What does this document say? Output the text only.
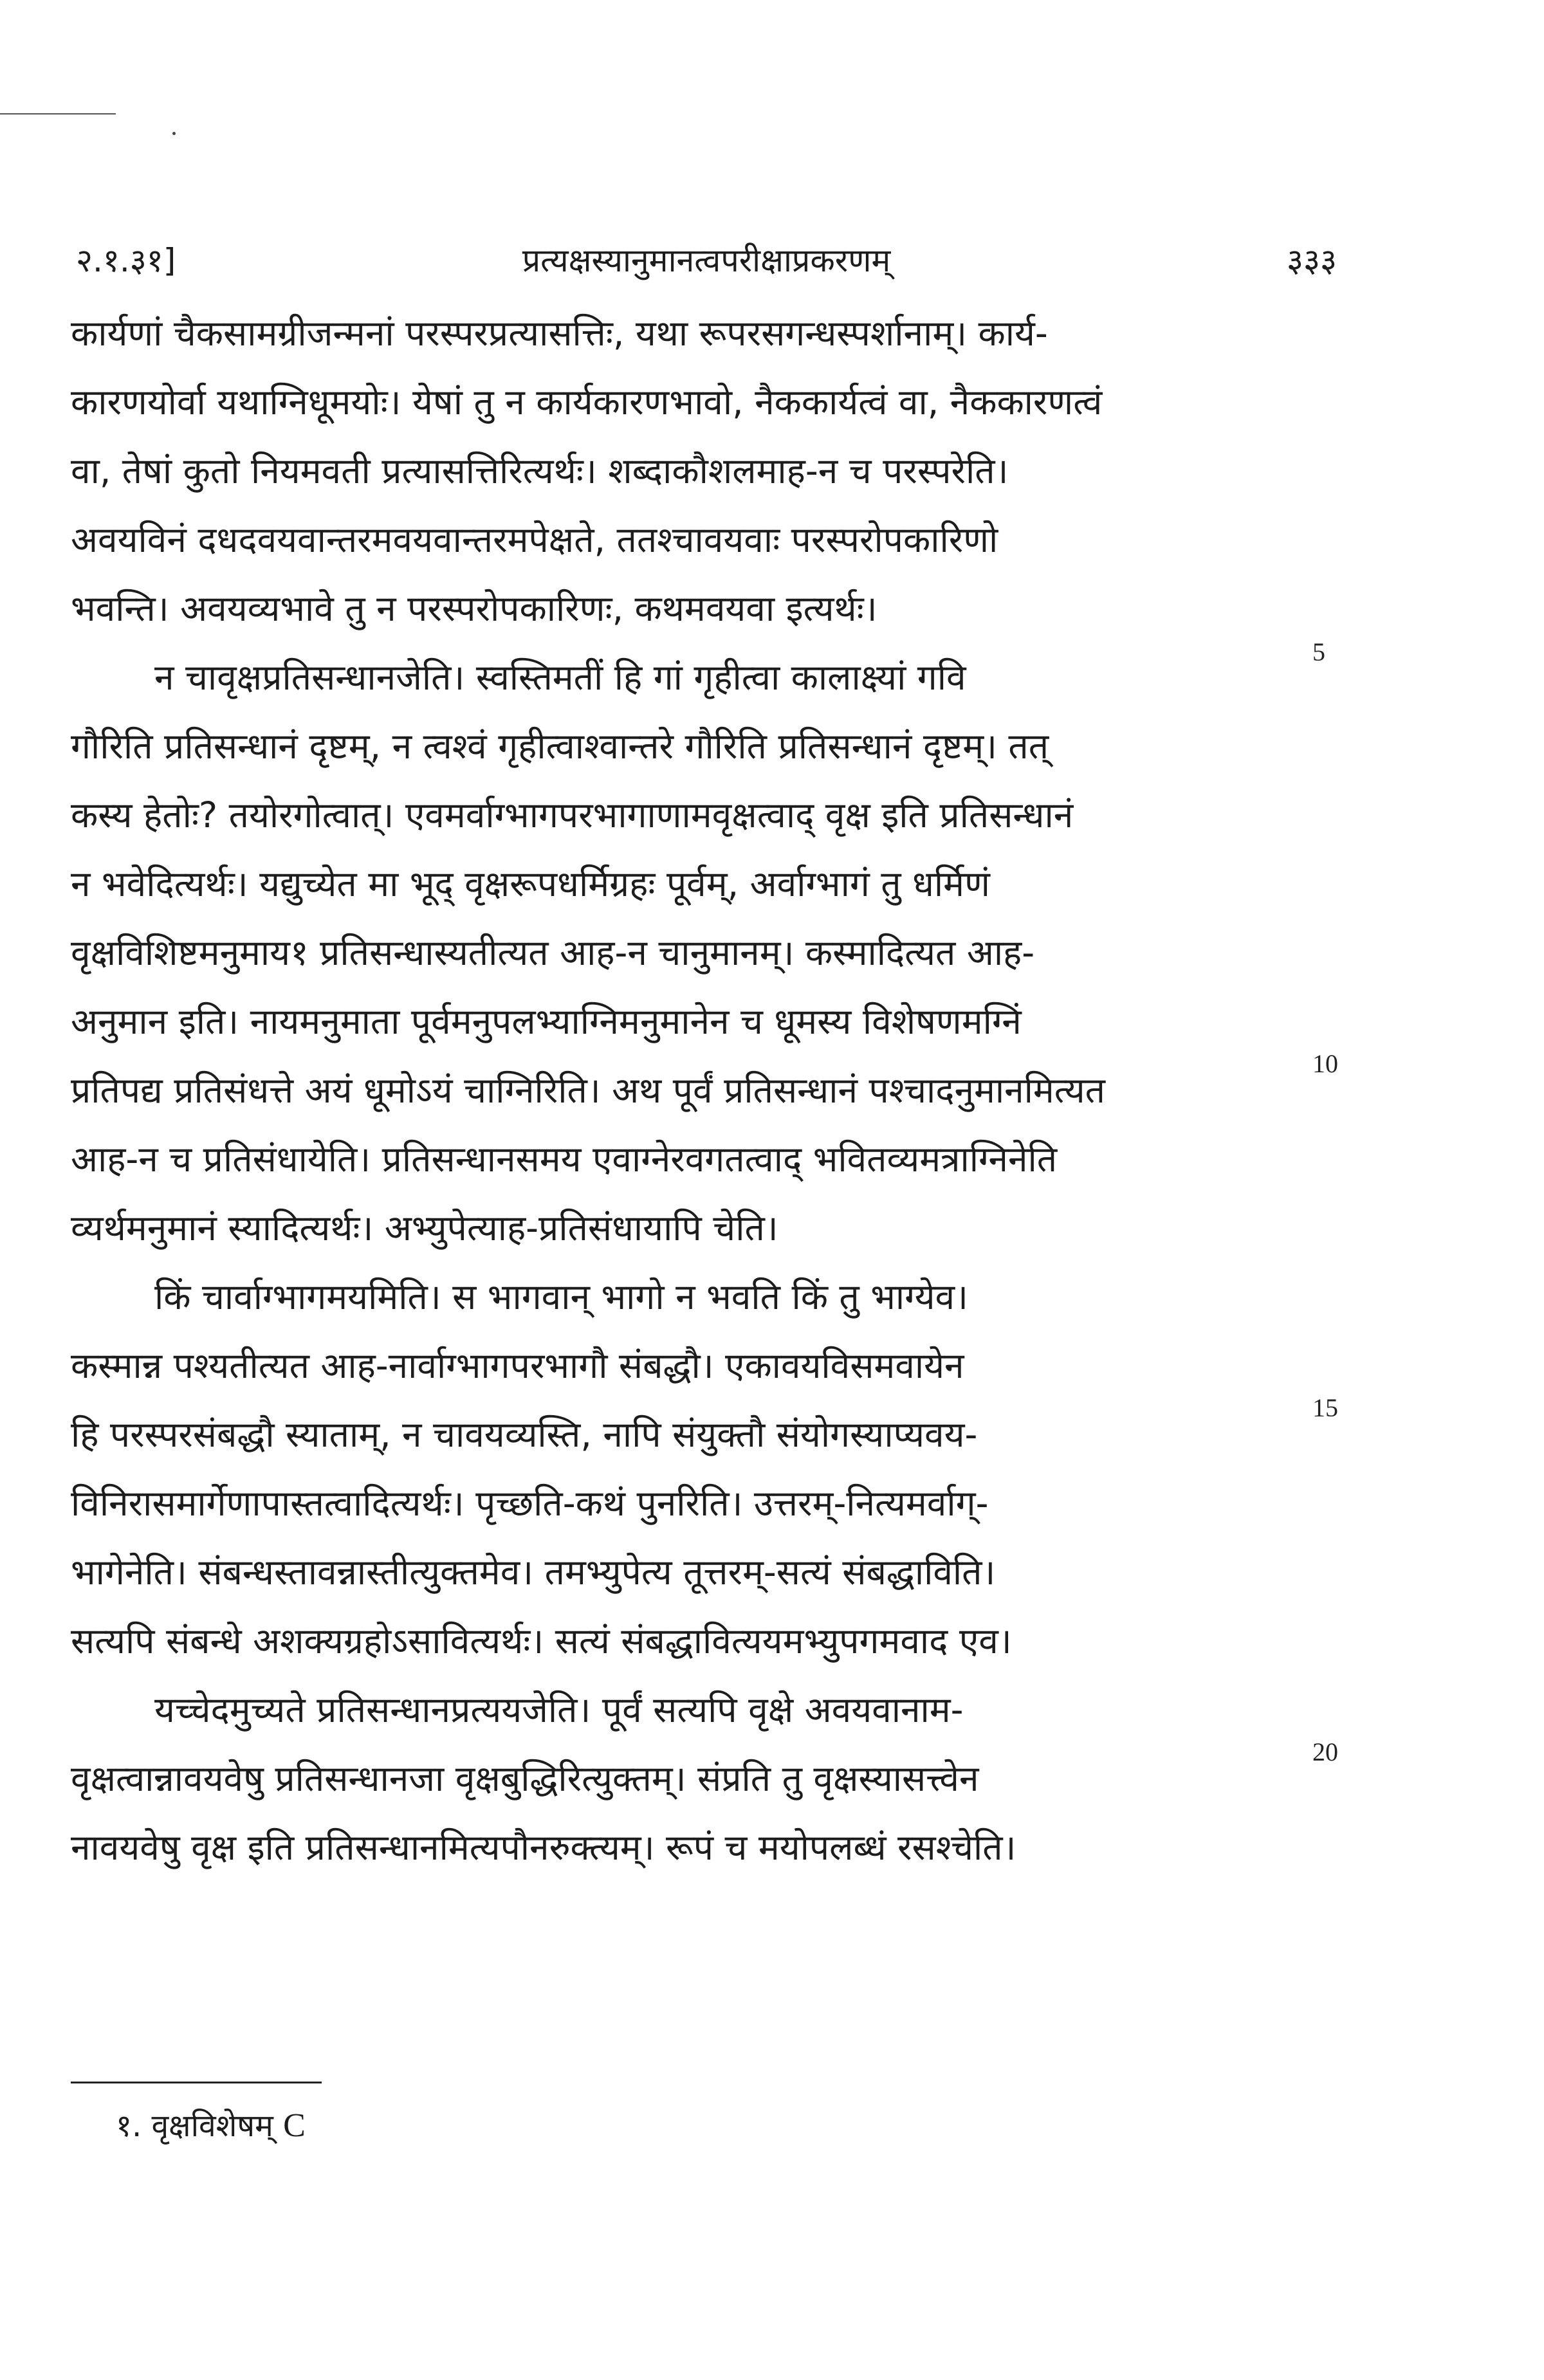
२.१.३१]	प्रत्यक्षस्यानुमानत्वपरीक्षाप्रकरणम्	३३३
कार्यणां चैकसामग्रीजन्मनां परस्परप्रत्यासत्तिः, यथा रूपरसगन्धस्पर्शानाम्। कार्य-
कारणयोर्वा यथाग्निधूमयोः। येषां तु न कार्यकारणभावो, नैककार्यत्वं वा, नैककारणत्वं
वा, तेषां कुतो नियमवती प्रत्यासत्तिरित्यर्थः। शब्दाकौशलमाह-न च परस्परेति।
अवयविनं दधदवयवान्तरमवयवान्तरमपेक्षते, ततश्चावयवाः परस्परोपकारिणो
भवन्ति। अवयव्यभावे तु न परस्परोपकारिणः, कथमवयवा इत्यर्थः।
न चावृक्षप्रतिसन्धानजेति। स्वस्तिमतीं हि गां गृहीत्वा कालाक्ष्यां गवि
गौरिति प्रतिसन्धानं दृष्टम्, न त्वश्वं गृहीत्वाश्वान्तरे गौरिति प्रतिसन्धानं दृष्टम्। तत्
कस्य हेतोः? तयोरगोत्वात्। एवमर्वाग्भागपरभागाणामवृक्षत्वाद् वृक्ष इति प्रतिसन्धानं
न भवेदित्यर्थः। यद्युच्येत मा भूद् वृक्षरूपधर्मिग्रहः पूर्वम्, अर्वाग्भागं तु धर्मिणं
वृक्षविशिष्टमनुमाय१ प्रतिसन्धास्यतीत्यत आह-न चानुमानम्। कस्मादित्यत आह-
अनुमान इति। नायमनुमाता पूर्वमनुपलभ्याग्निमनुमानेन च धूमस्य विशेषणमग्निं
प्रतिपद्य प्रतिसंधत्ते अयं धूमोऽयं चाग्निरिति। अथ पूर्वं प्रतिसन्धानं पश्चादनुमानमित्यत
आह-न च प्रतिसंधायेति। प्रतिसन्धानसमय एवाग्नेरवगतत्वाद् भवितव्यमत्राग्निनेति
व्यर्थमनुमानं स्यादित्यर्थः। अभ्युपेत्याह-प्रतिसंधायापि चेति।
किं चार्वाग्भागमयमिति। स भागवान् भागो न भवति किं तु भाग्येव।
कस्मान्न पश्यतीत्यत आह-नार्वाग्भागपरभागौ संबद्धौ। एकावयविसमवायेन
हि परस्परसंबद्धौ स्याताम्, न चावयव्यस्ति, नापि संयुक्तौ संयोगस्याप्यवय-
विनिरासमार्गेणापास्तत्वादित्यर्थः। पृच्छति-कथं पुनरिति। उत्तरम्-नित्यमर्वाग्-
भागेनेति। संबन्धस्तावन्नास्तीत्युक्तमेव। तमभ्युपेत्य तूत्तरम्-सत्यं संबद्धाविति।
सत्यपि संबन्धे अशक्यग्रहोऽसावित्यर्थः। सत्यं संबद्धावित्ययमभ्युपगमवाद एव।
यच्चेदमुच्यते प्रतिसन्धानप्रत्ययजेति। पूर्वं सत्यपि वृक्षे अवयवानाम-
वृक्षत्वान्नावयवेषु प्रतिसन्धानजा वृक्षबुद्धिरित्युक्तम्। संप्रति तु वृक्षस्यासत्त्वेन
नावयवेषु वृक्ष इति प्रतिसन्धानमित्यपौनरुक्त्यम्। रूपं च मयोपलब्धं रसश्चेति।
5
10
15
20
१. वृक्षविशेषम् C
